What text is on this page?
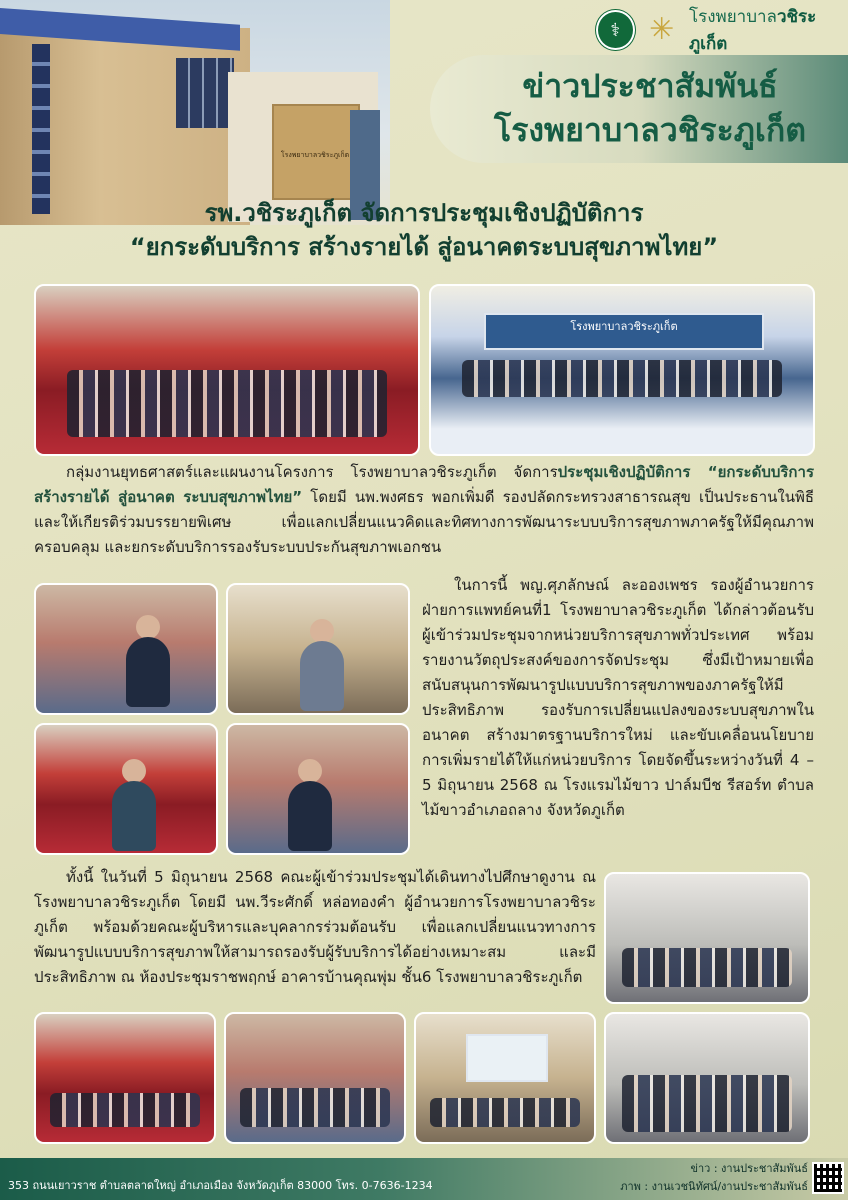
โรงพยาบาลวชิระภูเก็ต
⚕ ✳ โรงพยาบาลวชิระภูเก็ต
ข่าวประชาสัมพันธ์
โรงพยาบาลวชิระภูเก็ต
รพ.วชิระภูเก็ต จัดการประชุมเชิงปฏิบัติการ
“ยกระดับบริการ สร้างรายได้ สู่อนาคตระบบสุขภาพไทย”
โรงพยาบาลวชิระภูเก็ต
กลุ่มงานยุทธศาสตร์และแผนงานโครงการ โรงพยาบาลวชิระภูเก็ต จัดการประชุมเชิงปฏิบัติการ “ยกระดับบริการ สร้างรายได้ สู่อนาคต ระบบสุขภาพไทย” โดยมี นพ.พงศธร พอกเพิ่มดี รองปลัดกระทรวงสาธารณสุข เป็นประธานในพิธี และให้เกียรติร่วมบรรยายพิเศษ เพื่อแลกเปลี่ยนแนวคิดและทิศทางการพัฒนาระบบบริการสุขภาพภาครัฐให้มีคุณภาพ ครอบคลุม และยกระดับบริการรองรับระบบประกันสุขภาพเอกชน
ในการนี้ พญ.ศุภลักษณ์ ละอองเพชร รองผู้อำนวยการฝ่ายการแพทย์คนที่1 โรงพยาบาลวชิระภูเก็ต ได้กล่าวต้อนรับผู้เข้าร่วมประชุมจากหน่วยบริการสุขภาพทั่วประเทศ พร้อมรายงานวัตถุประสงค์ของการจัดประชุม ซึ่งมีเป้าหมายเพื่อสนับสนุนการพัฒนารูปแบบบริการสุขภาพของภาครัฐให้มีประสิทธิภาพ รองรับการเปลี่ยนแปลงของระบบสุขภาพในอนาคต สร้างมาตรฐานบริการใหม่ และขับเคลื่อนนโยบายการเพิ่มรายได้ให้แก่หน่วยบริการ โดยจัดขึ้นระหว่างวันที่ 4 – 5 มิถุนายน 2568 ณ โรงแรมไม้ขาว ปาล์มบีช รีสอร์ท ตำบลไม้ขาวอำเภอถลาง จังหวัดภูเก็ต
ทั้งนี้ ในวันที่ 5 มิถุนายน 2568 คณะผู้เข้าร่วมประชุมได้เดินทางไปศึกษาดูงาน ณ โรงพยาบาลวชิระภูเก็ต โดยมี นพ.วีระศักดิ์ หล่อทองคำ ผู้อำนวยการโรงพยาบาลวชิระภูเก็ต พร้อมด้วยคณะผู้บริหารและบุคลากรร่วมต้อนรับ เพื่อแลกเปลี่ยนแนวทางการพัฒนารูปแบบบริการสุขภาพให้สามารถรองรับผู้รับบริการได้อย่างเหมาะสม และมีประสิทธิภาพ ณ ห้องประชุมราชพฤกษ์ อาคารบ้านคุณพุ่ม ชั้น6 โรงพยาบาลวชิระภูเก็ต
353 ถนนเยาวราช ตำบลตลาดใหญ่ อำเภอเมือง จังหวัดภูเก็ต 83000 โทร. 0-7636-1234
ข่าว : งานประชาสัมพันธ์
ภาพ : งานเวชนิทัศน์/งานประชาสัมพันธ์
